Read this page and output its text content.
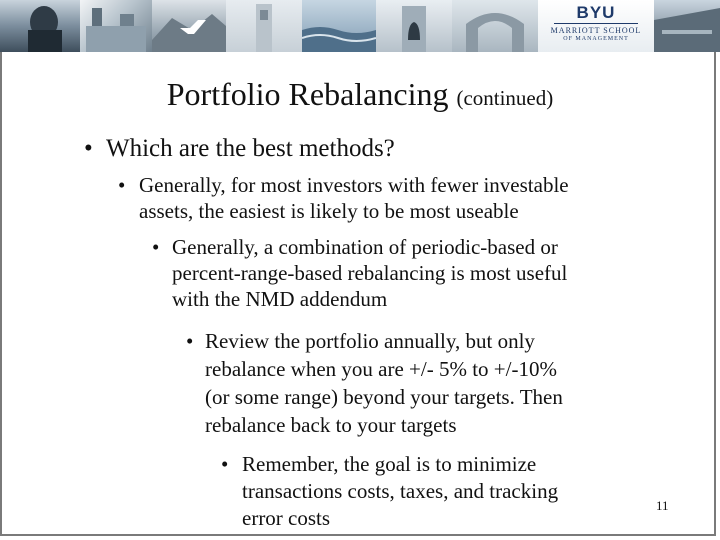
BYU
MARRIOTT SCHOOL
OF MANAGEMENT
Portfolio Rebalancing (continued)
• Which are the best methods?
• Generally, for most investors with fewer investable
assets, the easiest is likely to be most useable
• Generally, a combination of periodic-based or
percent-range-based rebalancing is most useful
with the NMD addendum
• Review the portfolio annually, but only
rebalance when you are +/- 5% to +/-10%
(or some range) beyond your targets. Then
rebalance back to your targets
• Remember, the goal is to minimize
transactions costs, taxes, and tracking
error costs
11
